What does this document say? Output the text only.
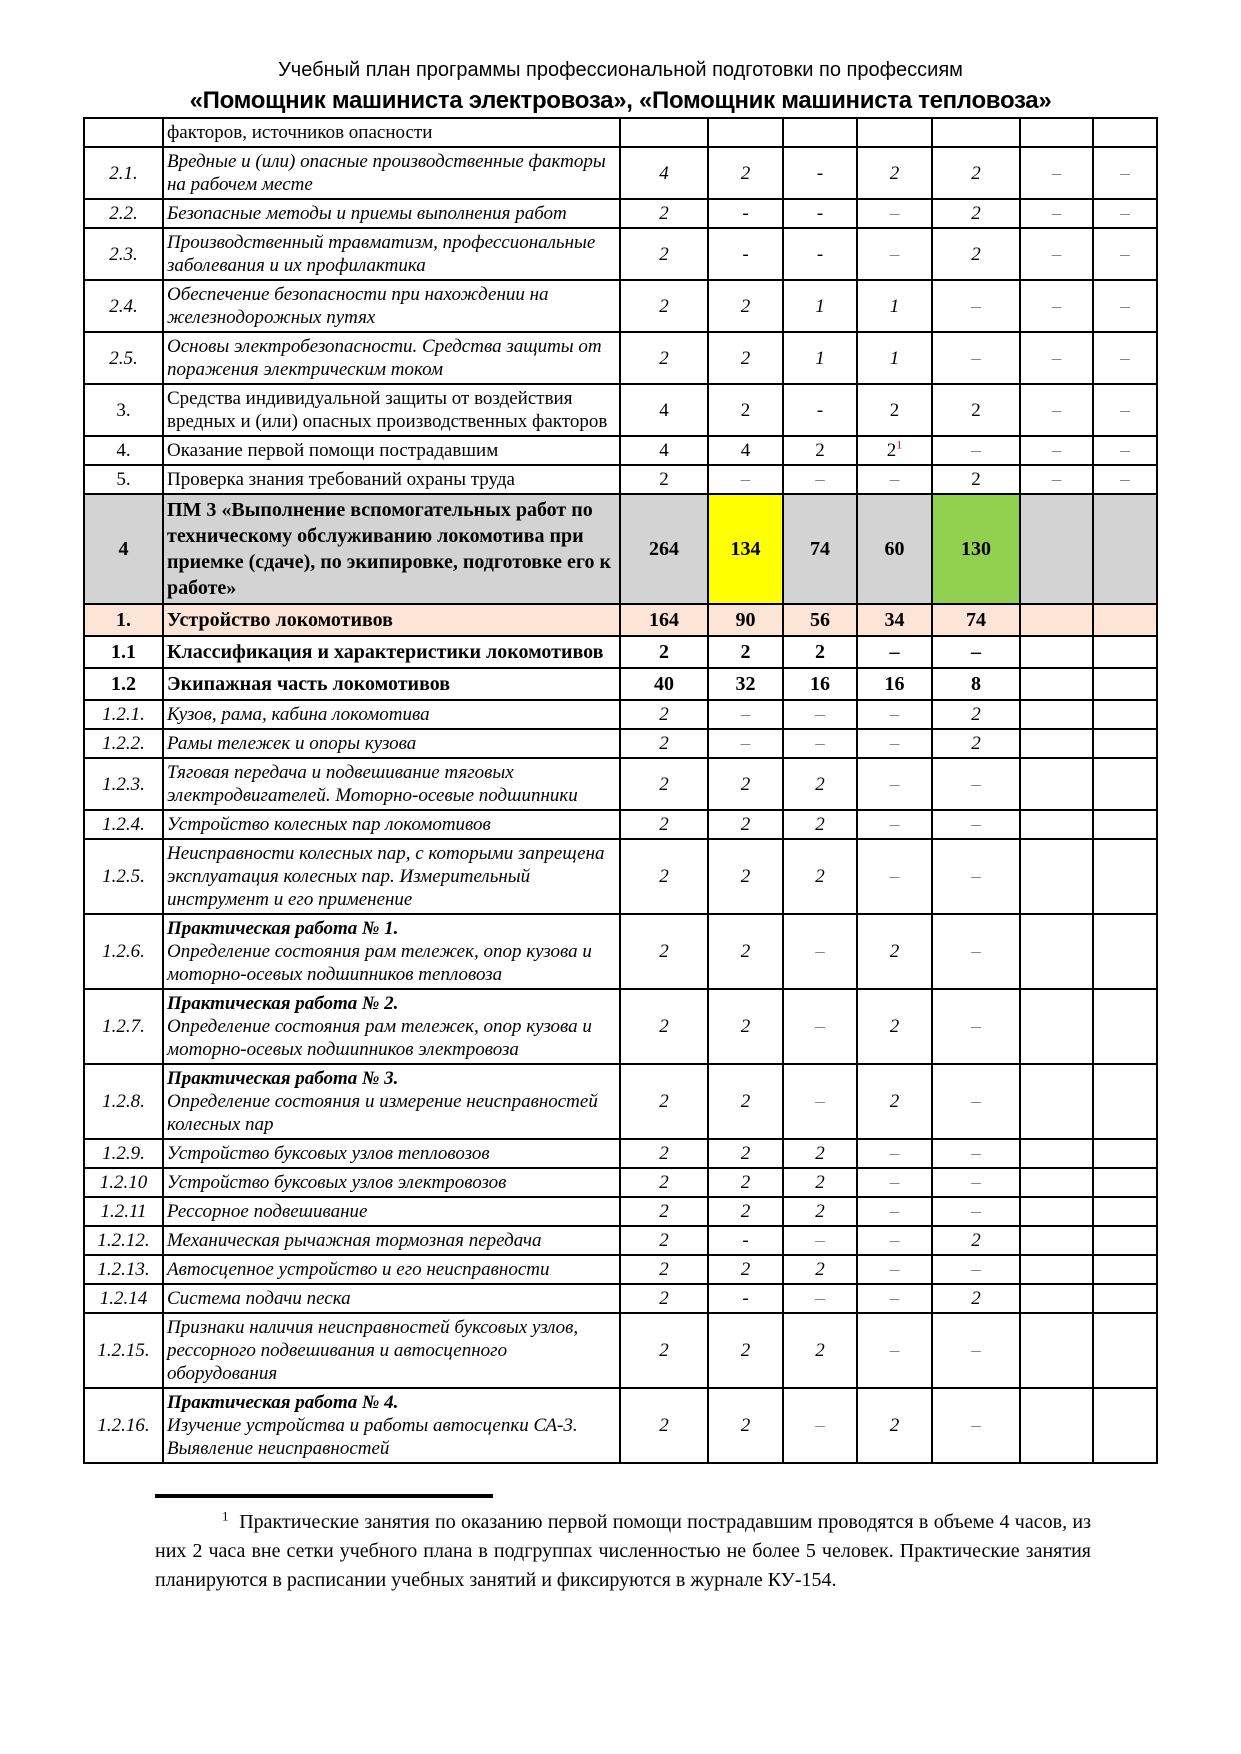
Учебный план программы профессиональной подготовки по профессиям

«Помощник машиниста электровоза», «Помощник машиниста тепловоза»

	факторов, источников опасности							
2.1.	Вредные и (или) опасные производственные факторы на рабочем месте	4	2	-	2	2	–	–
2.2.	Безопасные методы и приемы выполнения работ	2	-	-	–	2	–	–
2.3.	Производственный травматизм, профессиональные заболевания и их профилактика	2	-	-	–	2	–	–
2.4.	Обеспечение безопасности при нахождении на железнодорожных путях	2	2	1	1	–	–	–
2.5.	Основы электробезопасности. Средства защиты от поражения электрическим током	2	2	1	1	–	–	–
3.	Средства индивидуальной защиты от воздействия вредных и (или) опасных производственных факторов	4	2	-	2	2	–	–
4.	Оказание первой помощи пострадавшим	4	4	2	2$^1$	–	–	–
5.	Проверка знания требований охраны труда	2	–	–	–	2	–	–
4	ПМ 3 «Выполнение вспомогательных работ по техническому обслуживанию локомотива при приемке (сдаче), по экипировке, подготовке его к работе»	264	134	74	60	130		
1.	Устройство локомотивов	164	90	56	34	74		
1.1	Классификация и характеристики локомотивов	2	2	2	–	–		
1.2	Экипажная часть локомотивов	40	32	16	16	8		
1.2.1.	Кузов, рама, кабина локомотива	2	–	–	–	2		
1.2.2.	Рамы тележек и опоры кузова	2	–	–	–	2		
1.2.3.	Тяговая передача и подвешивание тяговых электродвигателей. Моторно-осевые подшипники	2	2	2	–	–		
1.2.4.	Устройство колесных пар локомотивов	2	2	2	–	–		
1.2.5.	Неисправности колесных пар, с которыми запрещена эксплуатация колесных пар. Измерительный инструмент и его применение	2	2	2	–	–		
1.2.6.	Практическая работа № 1.
Определение состояния рам тележек, опор кузова и моторно-осевых подшипников тепловоза	2	2	–	2	–		
1.2.7.	Практическая работа № 2.
Определение состояния рам тележек, опор кузова и моторно-осевых подшипников электровоза	2	2	–	2	–		
1.2.8.	Практическая работа № 3.
Определение состояния и измерение неисправностей колесных пар	2	2	–	2	–		
1.2.9.	Устройство буксовых узлов тепловозов	2	2	2	–	–		
1.2.10	Устройство буксовых узлов электровозов	2	2	2	–	–		
1.2.11	Рессорное подвешивание	2	2	2	–	–		
1.2.12.	Механическая рычажная тормозная передача	2	-	–	–	2		
1.2.13.	Автосцепное устройство и его неисправности	2	2	2	–	–		
1.2.14	Система подачи песка	2	-	–	–	2		
1.2.15.	Признаки наличия неисправностей буксовых узлов, рессорного подвешивания и автосцепного оборудования	2	2	2	–	–		
1.2.16.	Практическая работа № 4.
Изучение устройства и работы автосцепки СА-3. Выявление неисправностей	2	2	–	2	–		

$^1$ Практические занятия по оказанию первой помощи пострадавшим проводятся в объеме 4 часов, из них 2 часа вне сетки учебного плана в подгруппах численностью не более 5 человек. Практические занятия планируются в расписании учебных занятий и фиксируются в журнале КУ-154.
